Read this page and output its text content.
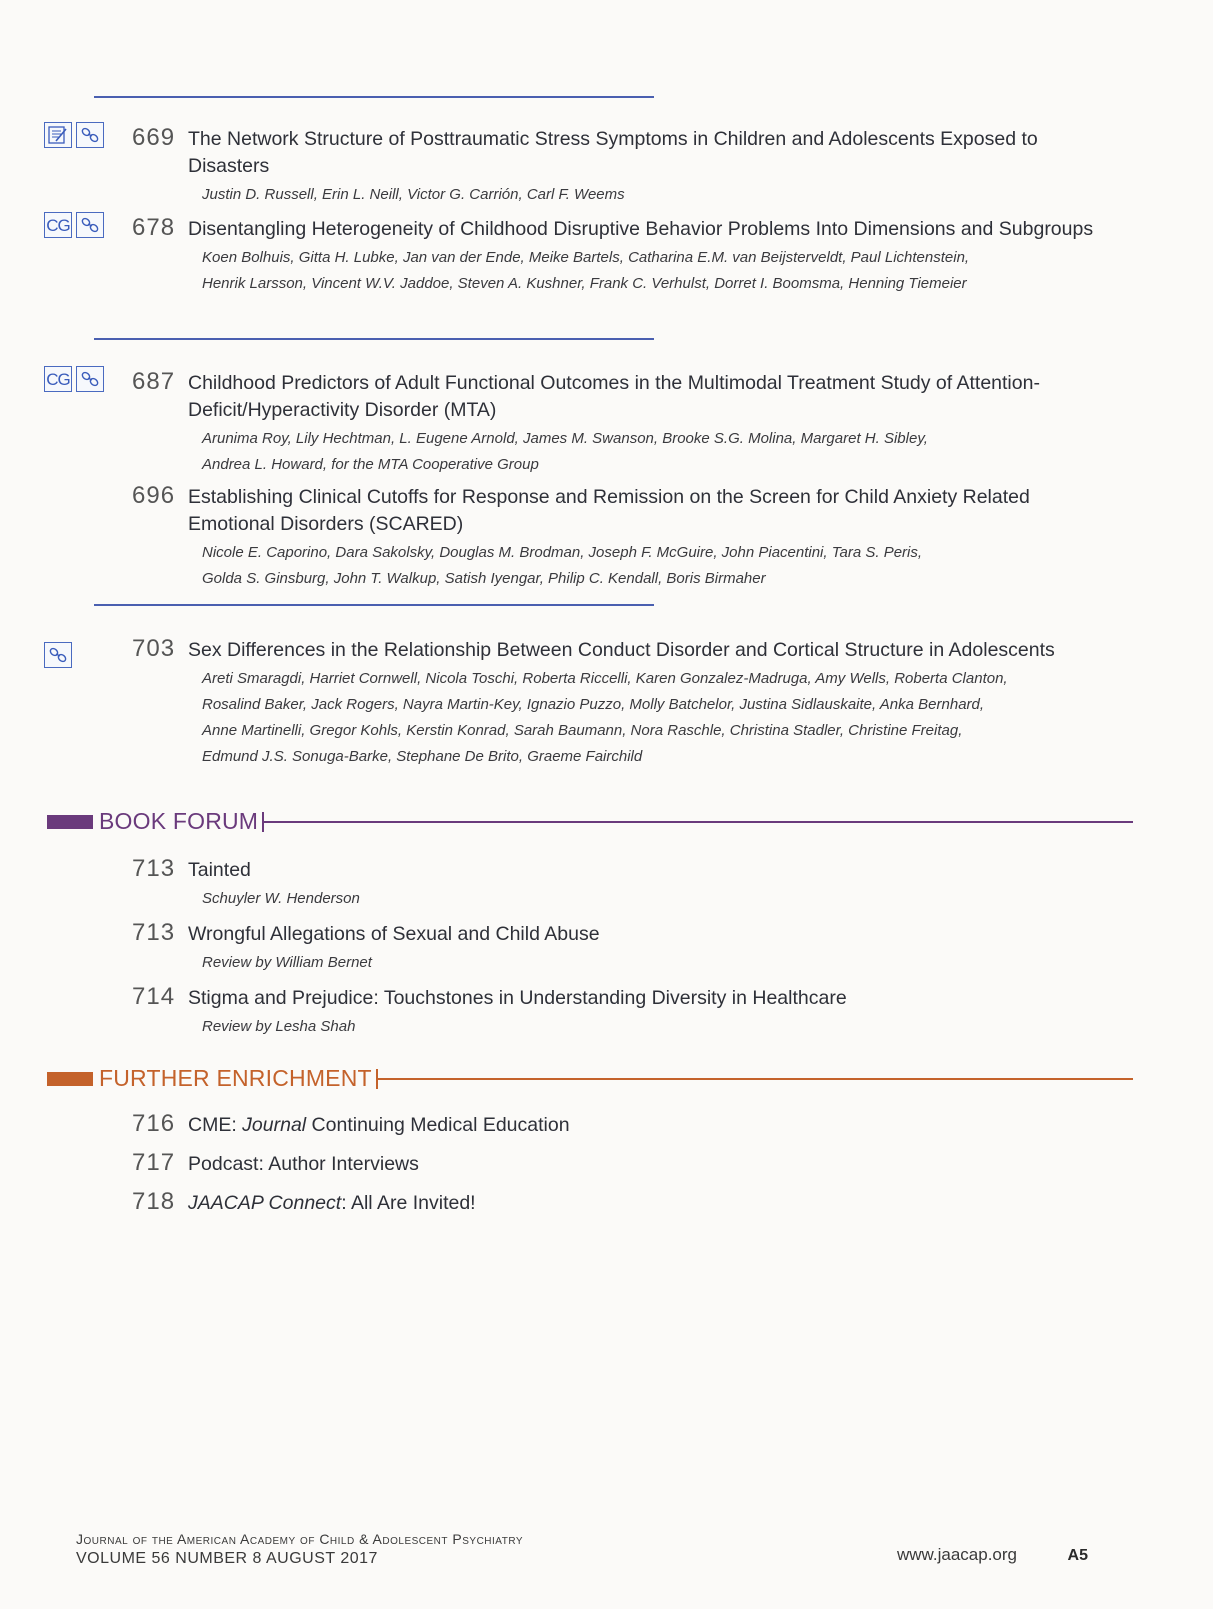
CG
CG
669 The Network Structure of Posttraumatic Stress Symptoms in Children and Adolescents Exposed to Disasters
Justin D. Russell, Erin L. Neill, Victor G. Carrión, Carl F. Weems
678 Disentangling Heterogeneity of Childhood Disruptive Behavior Problems Into Dimensions and Subgroups
Koen Bolhuis, Gitta H. Lubke, Jan van der Ende, Meike Bartels, Catharina E.M. van Beijsterveldt, Paul Lichtenstein,
Henrik Larsson, Vincent W.V. Jaddoe, Steven A. Kushner, Frank C. Verhulst, Dorret I. Boomsma, Henning Tiemeier
687 Childhood Predictors of Adult Functional Outcomes in the Multimodal Treatment Study of Attention-Deficit/Hyperactivity Disorder (MTA)
Arunima Roy, Lily Hechtman, L. Eugene Arnold, James M. Swanson, Brooke S.G. Molina, Margaret H. Sibley,
Andrea L. Howard, for the MTA Cooperative Group
696 Establishing Clinical Cutoffs for Response and Remission on the Screen for Child Anxiety Related Emotional Disorders (SCARED)
Nicole E. Caporino, Dara Sakolsky, Douglas M. Brodman, Joseph F. McGuire, John Piacentini, Tara S. Peris,
Golda S. Ginsburg, John T. Walkup, Satish Iyengar, Philip C. Kendall, Boris Birmaher
703 Sex Differences in the Relationship Between Conduct Disorder and Cortical Structure in Adolescents
Areti Smaragdi, Harriet Cornwell, Nicola Toschi, Roberta Riccelli, Karen Gonzalez-Madruga, Amy Wells, Roberta Clanton,
Rosalind Baker, Jack Rogers, Nayra Martin-Key, Ignazio Puzzo, Molly Batchelor, Justina Sidlauskaite, Anka Bernhard,
Anne Martinelli, Gregor Kohls, Kerstin Konrad, Sarah Baumann, Nora Raschle, Christina Stadler, Christine Freitag,
Edmund J.S. Sonuga-Barke, Stephane De Brito, Graeme Fairchild
BOOK FORUM
713 Tainted
Schuyler W. Henderson
713 Wrongful Allegations of Sexual and Child Abuse
Review by William Bernet
714 Stigma and Prejudice: Touchstones in Understanding Diversity in Healthcare
Review by Lesha Shah
FURTHER ENRICHMENT
716 CME: Journal Continuing Medical Education
717 Podcast: Author Interviews
718 JAACAP Connect: All Are Invited!
Journal of the American Academy of Child & Adolescent Psychiatry
VOLUME 56 NUMBER 8 AUGUST 2017	www.jaacap.org	A5
